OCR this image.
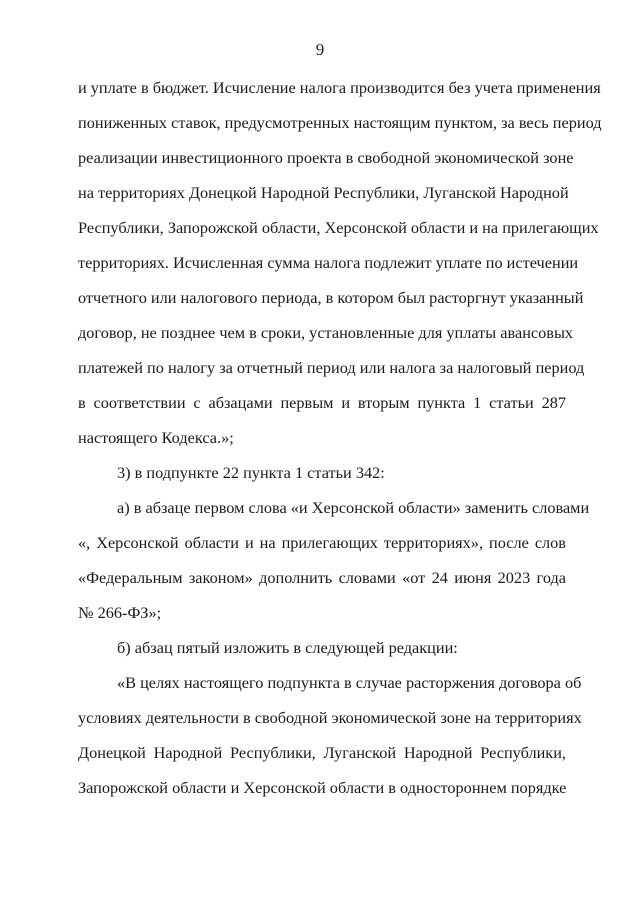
9
и уплате в бюджет. Исчисление налога производится без учета применения
пониженных ставок, предусмотренных настоящим пунктом, за весь период
реализации инвестиционного проекта в свободной экономической зоне
на территориях Донецкой Народной Республики, Луганской Народной
Республики, Запорожской области, Херсонской области и на прилегающих
территориях. Исчисленная сумма налога подлежит уплате по истечении
отчетного или налогового периода, в котором был расторгнут указанный
договор, не позднее чем в сроки, установленные для уплаты авансовых
платежей по налогу за отчетный период или налога за налоговый период
в соответствии с абзацами первым и вторым пункта 1 статьи 287
настоящего Кодекса.»;
3) в подпункте 22 пункта 1 статьи 342:
а) в абзаце первом слова «и Херсонской области» заменить словами
«, Херсонской области и на прилегающих территориях», после слов
«Федеральным законом» дополнить словами «от 24 июня 2023 года
№ 266-ФЗ»;
б) абзац пятый изложить в следующей редакции:
«В целях настоящего подпункта в случае расторжения договора об
условиях деятельности в свободной экономической зоне на территориях
Донецкой Народной Республики, Луганской Народной Республики,
Запорожской области и Херсонской области в одностороннем порядке
